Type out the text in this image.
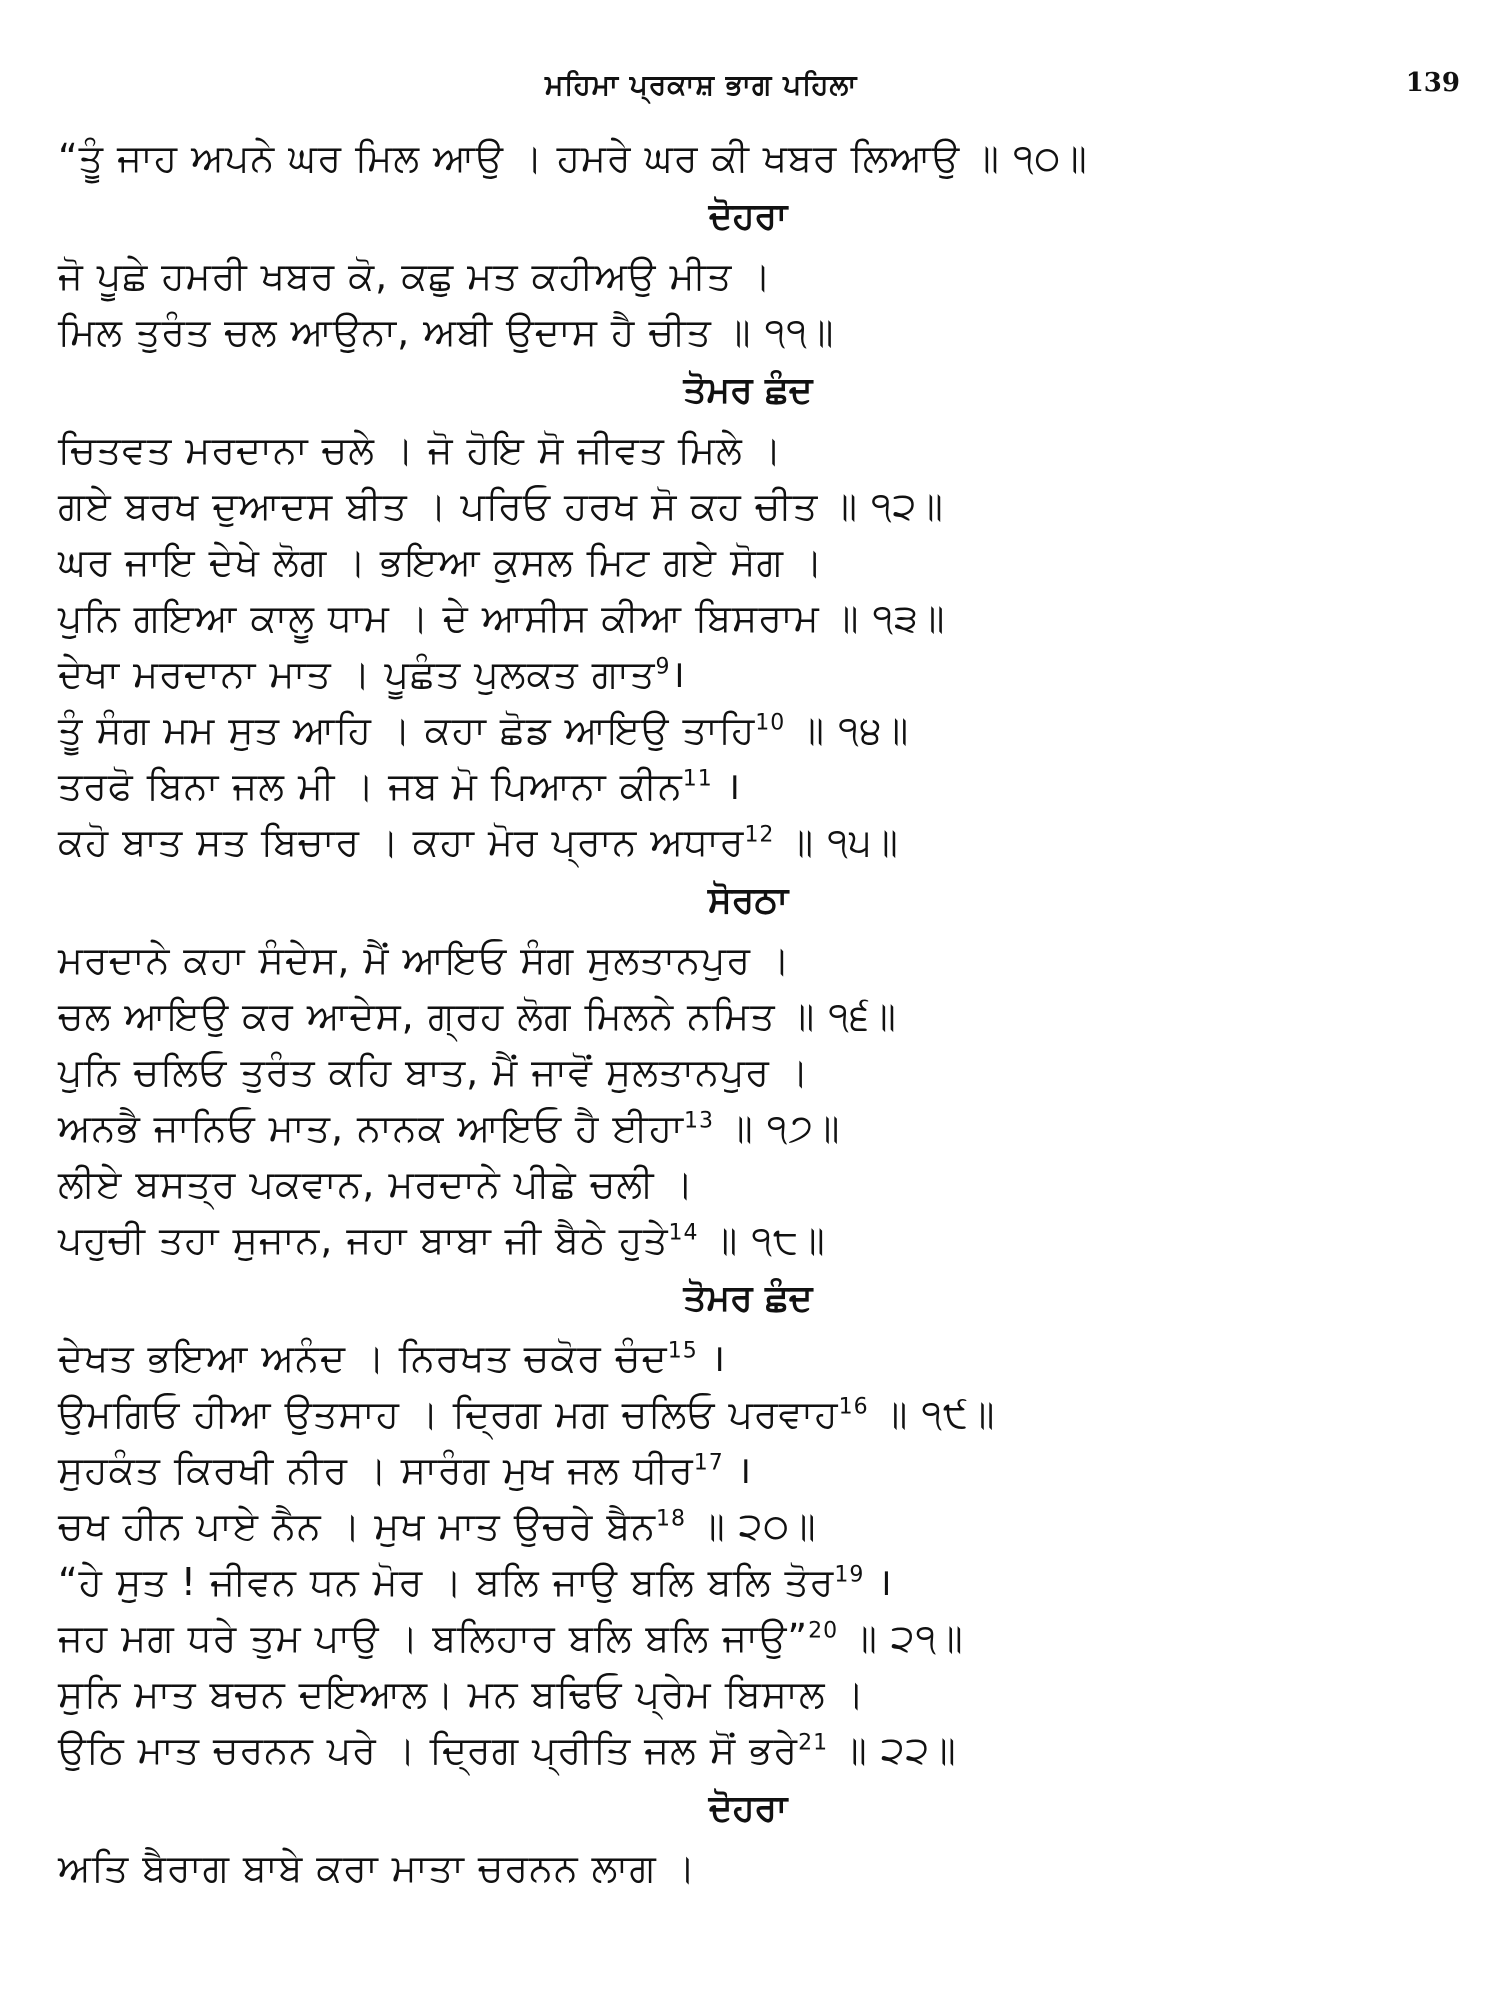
ਮਹਿਮਾ ਪ੍ਰਕਾਸ਼ ਭਾਗ ਪਹਿਲਾ	139
“ਤੂੰ ਜਾਹ ਅਪਨੇ ਘਰ ਮਿਲ ਆਉ । ਹਮਰੇ ਘਰ ਕੀ ਖਬਰ ਲਿਆਉ ॥ ੧੦॥
ਦੋਹਰਾ
ਜੋ ਪੂਛੇ ਹਮਰੀ ਖਬਰ ਕੋ, ਕਛੁ ਮਤ ਕਹੀਅਉ ਮੀਤ ।
ਮਿਲ ਤੁਰੰਤ ਚਲ ਆਉਨਾ, ਅਬੀ ਉਦਾਸ ਹੈ ਚੀਤ ॥ ੧੧॥
ਤੋਮਰ ਛੰਦ
ਚਿਤਵਤ ਮਰਦਾਨਾ ਚਲੇ । ਜੋ ਹੋਇ ਸੋ ਜੀਵਤ ਮਿਲੇ ।
ਗਏ ਬਰਖ ਦੁਆਦਸ ਬੀਤ । ਪਰਿਓ ਹਰਖ ਸੋ ਕਹ ਚੀਤ ॥ ੧੨॥
ਘਰ ਜਾਇ ਦੇਖੇ ਲੋਗ । ਭਇਆ ਕੁਸਲ ਮਿਟ ਗਏ ਸੋਗ ।
ਪੁਨਿ ਗਇਆ ਕਾਲੂ ਧਾਮ । ਦੇ ਆਸੀਸ ਕੀਆ ਬਿਸਰਾਮ ॥ ੧੩॥
ਦੇਖਾ ਮਰਦਾਨਾ ਮਾਤ । ਪੂਛੰਤ ਪੁਲਕਤ ਗਾਤ$^9$।
ਤੂੰ ਸੰਗ ਮਮ ਸੁਤ ਆਹਿ । ਕਹਾ ਛੋਡ ਆਇਉ ਤਾਹਿ$^{10}$ ॥ ੧੪॥
ਤਰਫੋ ਬਿਨਾ ਜਲ ਮੀ । ਜਬ ਮੋ ਪਿਆਨਾ ਕੀਨ$^{11}$ ।
ਕਹੋ ਬਾਤ ਸਤ ਬਿਚਾਰ । ਕਹਾ ਮੋਰ ਪ੍ਰਾਨ ਅਧਾਰ$^{12}$ ॥ ੧੫॥
ਸੋਰਠਾ
ਮਰਦਾਨੇ ਕਹਾ ਸੰਦੇਸ, ਮੈਂ ਆਇਓ ਸੰਗ ਸੁਲਤਾਨਪੁਰ ।
ਚਲ ਆਇਉ ਕਰ ਆਦੇਸ, ਗ੍ਰਹ ਲੋਗ ਮਿਲਨੇ ਨਮਿਤ ॥ ੧੬॥
ਪੁਨਿ ਚਲਿਓ ਤੁਰੰਤ ਕਹਿ ਬਾਤ, ਮੈਂ ਜਾਵੋਂ ਸੁਲਤਾਨਪੁਰ ।
ਅਨਭੈ ਜਾਨਿਓ ਮਾਤ, ਨਾਨਕ ਆਇਓ ਹੈ ਈਹਾ$^{13}$ ॥ ੧੭॥
ਲੀਏ ਬਸਤ੍ਰ ਪਕਵਾਨ, ਮਰਦਾਨੇ ਪੀਛੇ ਚਲੀ ।
ਪਹੁਚੀ ਤਹਾ ਸੁਜਾਨ, ਜਹਾ ਬਾਬਾ ਜੀ ਬੈਠੇ ਹੁਤੇ$^{14}$ ॥ ੧੮॥
ਤੋਮਰ ਛੰਦ
ਦੇਖਤ ਭਇਆ ਅਨੰਦ । ਨਿਰਖਤ ਚਕੋਰ ਚੰਦ$^{15}$ ।
ਉਮਗਿਓ ਹੀਆ ਉਤਸਾਹ । ਦ੍ਰਿਗ ਮਗ ਚਲਿਓ ਪਰਵਾਹ$^{16}$ ॥ ੧੯॥
ਸੁਹਕੰਤ ਕਿਰਖੀ ਨੀਰ । ਸਾਰੰਗ ਮੁਖ ਜਲ ਧੀਰ$^{17}$ ।
ਚਖ ਹੀਨ ਪਾਏ ਨੈਨ । ਮੁਖ ਮਾਤ ਉਚਰੇ ਬੈਨ$^{18}$ ॥ ੨੦॥
“ਹੇ ਸੁਤ ! ਜੀਵਨ ਧਨ ਮੋਰ । ਬਲਿ ਜਾਉ ਬਲਿ ਬਲਿ ਤੋਰ$^{19}$ ।
ਜਹ ਮਗ ਧਰੇ ਤੁਮ ਪਾਉ । ਬਲਿਹਾਰ ਬਲਿ ਬਲਿ ਜਾਉ”$^{20}$ ॥ ੨੧॥
ਸੁਨਿ ਮਾਤ ਬਚਨ ਦਇਆਲ। ਮਨ ਬਢਿਓ ਪ੍ਰੇਮ ਬਿਸਾਲ ।
ਉਠਿ ਮਾਤ ਚਰਨਨ ਪਰੇ । ਦ੍ਰਿਗ ਪ੍ਰੀਤਿ ਜਲ ਸੋਂ ਭਰੇ$^{21}$ ॥ ੨੨॥
ਦੋਹਰਾ
ਅਤਿ ਬੈਰਾਗ ਬਾਬੇ ਕਰਾ ਮਾਤਾ ਚਰਨਨ ਲਾਗ ।
